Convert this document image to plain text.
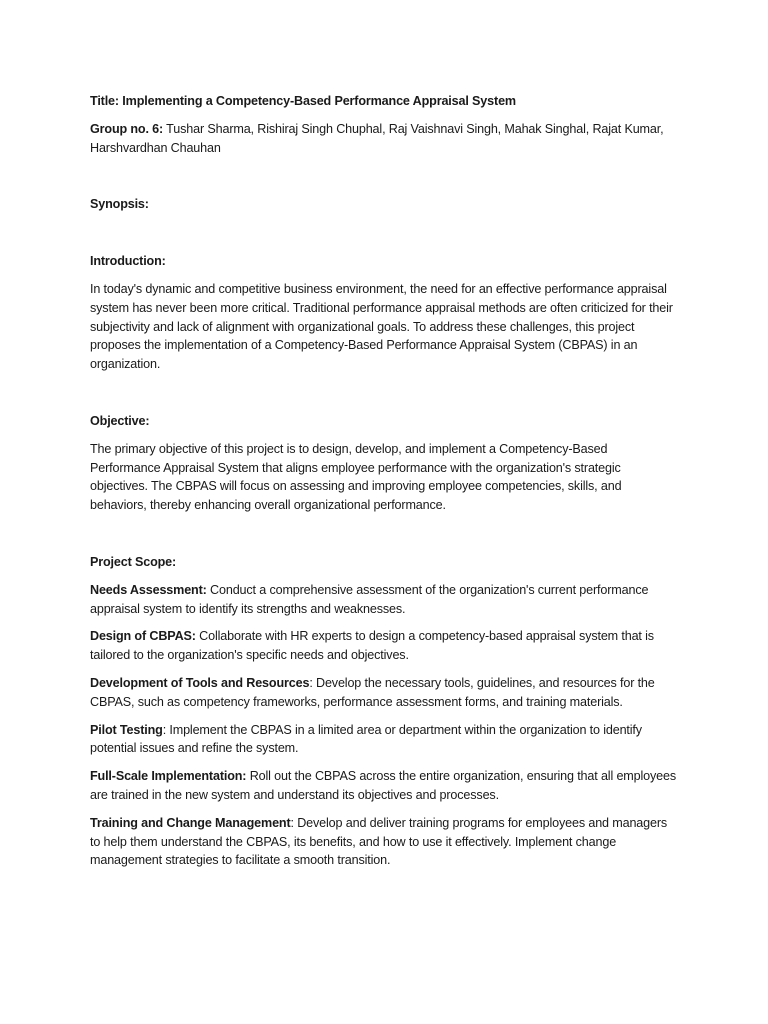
Title: Implementing a Competency-Based Performance Appraisal System
Group no. 6: Tushar Sharma, Rishiraj Singh Chuphal, Raj Vaishnavi Singh, Mahak Singhal, Rajat Kumar, Harshvardhan Chauhan
Synopsis:
Introduction:
In today's dynamic and competitive business environment, the need for an effective performance appraisal system has never been more critical. Traditional performance appraisal methods are often criticized for their subjectivity and lack of alignment with organizational goals. To address these challenges, this project proposes the implementation of a Competency-Based Performance Appraisal System (CBPAS) in an organization.
Objective:
The primary objective of this project is to design, develop, and implement a Competency-Based Performance Appraisal System that aligns employee performance with the organization's strategic objectives. The CBPAS will focus on assessing and improving employee competencies, skills, and behaviors, thereby enhancing overall organizational performance.
Project Scope:
Needs Assessment: Conduct a comprehensive assessment of the organization's current performance appraisal system to identify its strengths and weaknesses.
Design of CBPAS: Collaborate with HR experts to design a competency-based appraisal system that is tailored to the organization's specific needs and objectives.
Development of Tools and Resources: Develop the necessary tools, guidelines, and resources for the CBPAS, such as competency frameworks, performance assessment forms, and training materials.
Pilot Testing: Implement the CBPAS in a limited area or department within the organization to identify potential issues and refine the system.
Full-Scale Implementation: Roll out the CBPAS across the entire organization, ensuring that all employees are trained in the new system and understand its objectives and processes.
Training and Change Management: Develop and deliver training programs for employees and managers to help them understand the CBPAS, its benefits, and how to use it effectively. Implement change management strategies to facilitate a smooth transition.
